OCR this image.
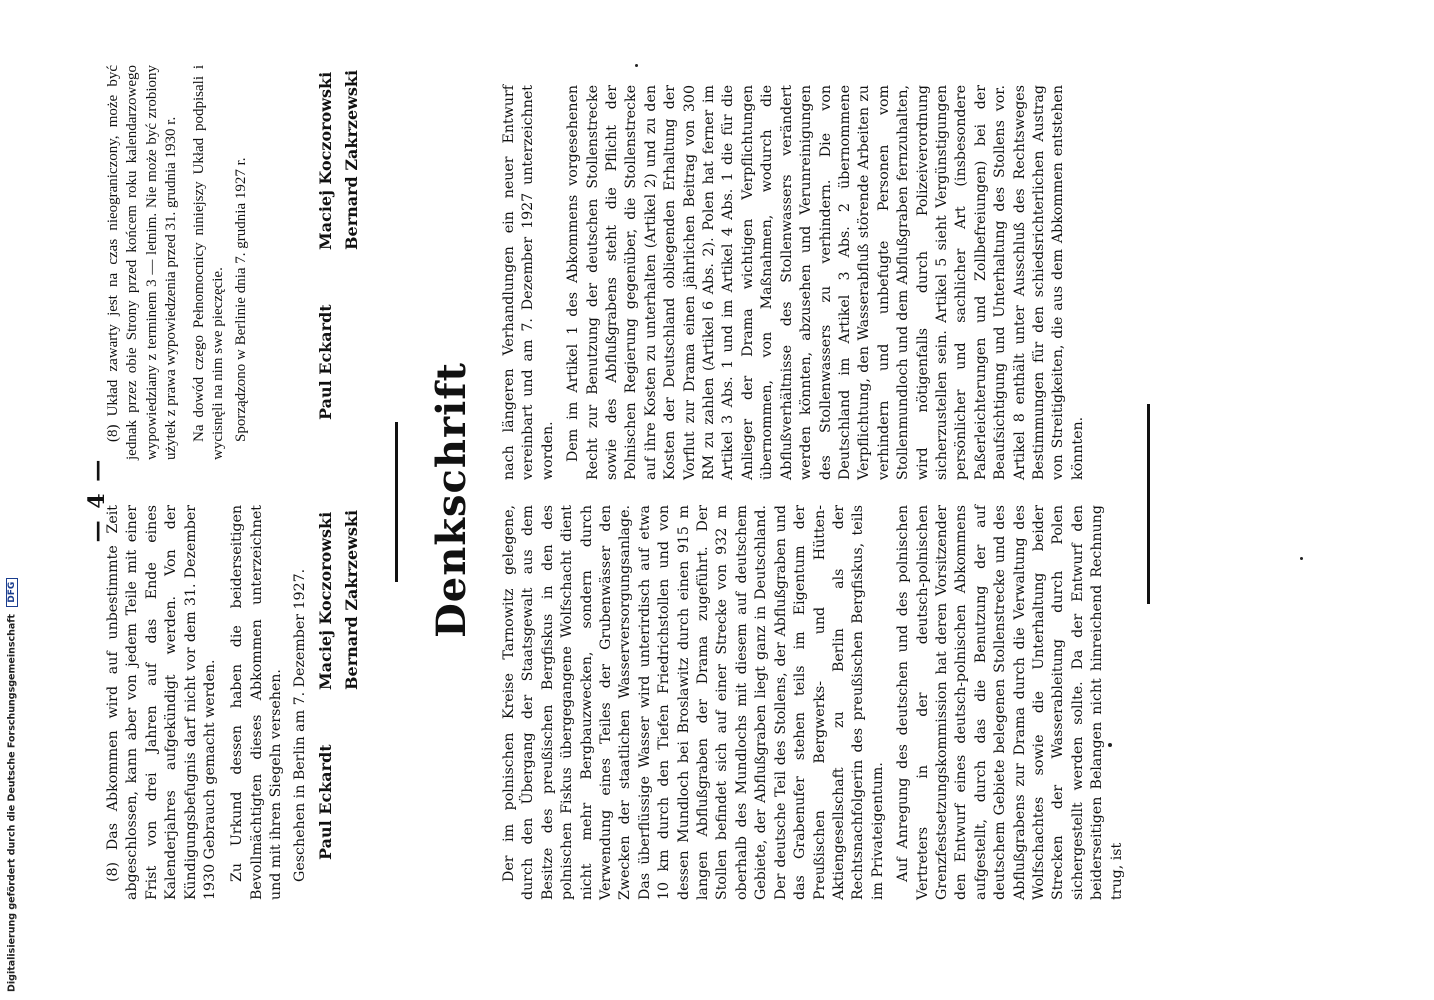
— 4 —

(8) Das Abkommen wird auf unbestimmte Zeit abgeschlossen, kann aber von jedem Teile mit einer Frist von drei Jahren auf das Ende eines Kalenderjahres aufgekündigt werden. Von der Kündigungsbefugnis darf nicht vor dem 31. Dezember 1930 Gebrauch gemacht werden. Zu Urkund dessen haben die beiderseitigen Bevollmächtigten dieses Abkommen unterzeichnet und mit ihren Siegeln versehen. Geschehen in Berlin am 7. Dezember 1927.

(8) Układ zawarty jest na czas nieograniczony, może być jednak przez obie Strony przed końcem roku kalendarzowego wypowiedziany z terminem 3 — letnim. Nie może być zrobiony użytek z prawa wypowiedzenia przed 31. grudnia 1930 r. Na dowód czego Pełnomocnicy niniejszy Układ podpisali i wycisnęli na nim swe pieczęcie. Sporządzono w Berlinie dnia 7. grudnia 1927 r.

Paul Eckardt
Maciej Koczorowski Bernard Zakrzewski
Paul Eckardt
Maciej Koczorowski Bernard Zakrzewski
Denkschrift

Der im polnischen Kreise Tarnowitz gelegene, durch den Übergang der Staatsgewalt aus dem Besitze des preußischen Bergfiskus in den des polnischen Fiskus übergegangene Wolfschacht dient nicht mehr Bergbauzwecken, sondern durch Verwendung eines Teiles der Grubenwässer den Zwecken der staatlichen Wasserversorgungsanlage. Das überflüssige Wasser wird unterirdisch auf etwa 10 km durch den Tiefen Friedrichstollen und von dessen Mundloch bei Broslawitz durch einen 915 m langen Abflußgraben der Drama zugeführt. Der Stollen befindet sich auf einer Strecke von 932 m oberhalb des Mundlochs mit diesem auf deutschem Gebiete, der Abflußgraben liegt ganz in Deutschland. Der deutsche Teil des Stollens, der Abflußgraben und das Grabenufer stehen teils im Eigentum der Preußischen Bergwerks- und Hütten-Aktiengesellschaft zu Berlin als der Rechtsnachfolgerin des preußischen Bergfiskus, teils im Privateigentum. Auf Anregung des deutschen und des polnischen Vertreters in der deutsch-polnischen Grenzfestsetzungskommission hat deren Vorsitzender den Entwurf eines deutsch-polnischen Abkommens aufgestellt, durch das die Benutzung der auf deutschem Gebiete belegenen Stollenstrecke und des Abflußgrabens zur Drama durch die Verwaltung des Wolfschachtes sowie die Unterhaltung beider Strecken der Wasserableitung durch Polen sichergestellt werden sollte. Da der Entwurf den beiderseitigen Belangen nicht hinreichend Rechnung trug, ist

nach längeren Verhandlungen ein neuer Entwurf vereinbart und am 7. Dezember 1927 unterzeichnet worden. Dem im Artikel 1 des Abkommens vorgesehenen Recht zur Benutzung der deutschen Stollenstrecke sowie des Abflußgrabens steht die Pflicht der Polnischen Regierung gegenüber, die Stollenstrecke auf ihre Kosten zu unterhalten (Artikel 2) und zu den Kosten der Deutschland obliegenden Erhaltung der Vorflut zur Drama einen jährlichen Beitrag von 300 RM zu zahlen (Artikel 6 Abs. 2). Polen hat ferner im Artikel 3 Abs. 1 und im Artikel 4 Abs. 1 die für die Anlieger der Drama wichtigen Verpflichtungen übernommen, von Maßnahmen, wodurch die Abflußverhältnisse des Stollenwassers verändert werden könnten, abzusehen und Verunreinigungen des Stollenwassers zu verhindern. Die von Deutschland im Artikel 3 Abs. 2 übernommene Verpflichtung, den Wasserabfluß störende Arbeiten zu verhindern und unbefugte Personen vom Stollenmundloch und dem Abflußgraben fernzuhalten, wird nötigenfalls durch Polizeiverordnung sicherzustellen sein. Artikel 5 sieht Vergünstigungen persönlicher und sachlicher Art (insbesondere Paßerleichterungen und Zollbefreiungen) bei der Beaufsichtigung und Unterhaltung des Stollens vor. Artikel 8 enthält unter Ausschluß des Rechtsweges Bestimmungen für den schiedsrichterlichen Austrag von Streitigkeiten, die aus dem Abkommen entstehen könnten.

Digitalisierung gefördert durch die Deutsche Forschungsgemeinschaft DFG
